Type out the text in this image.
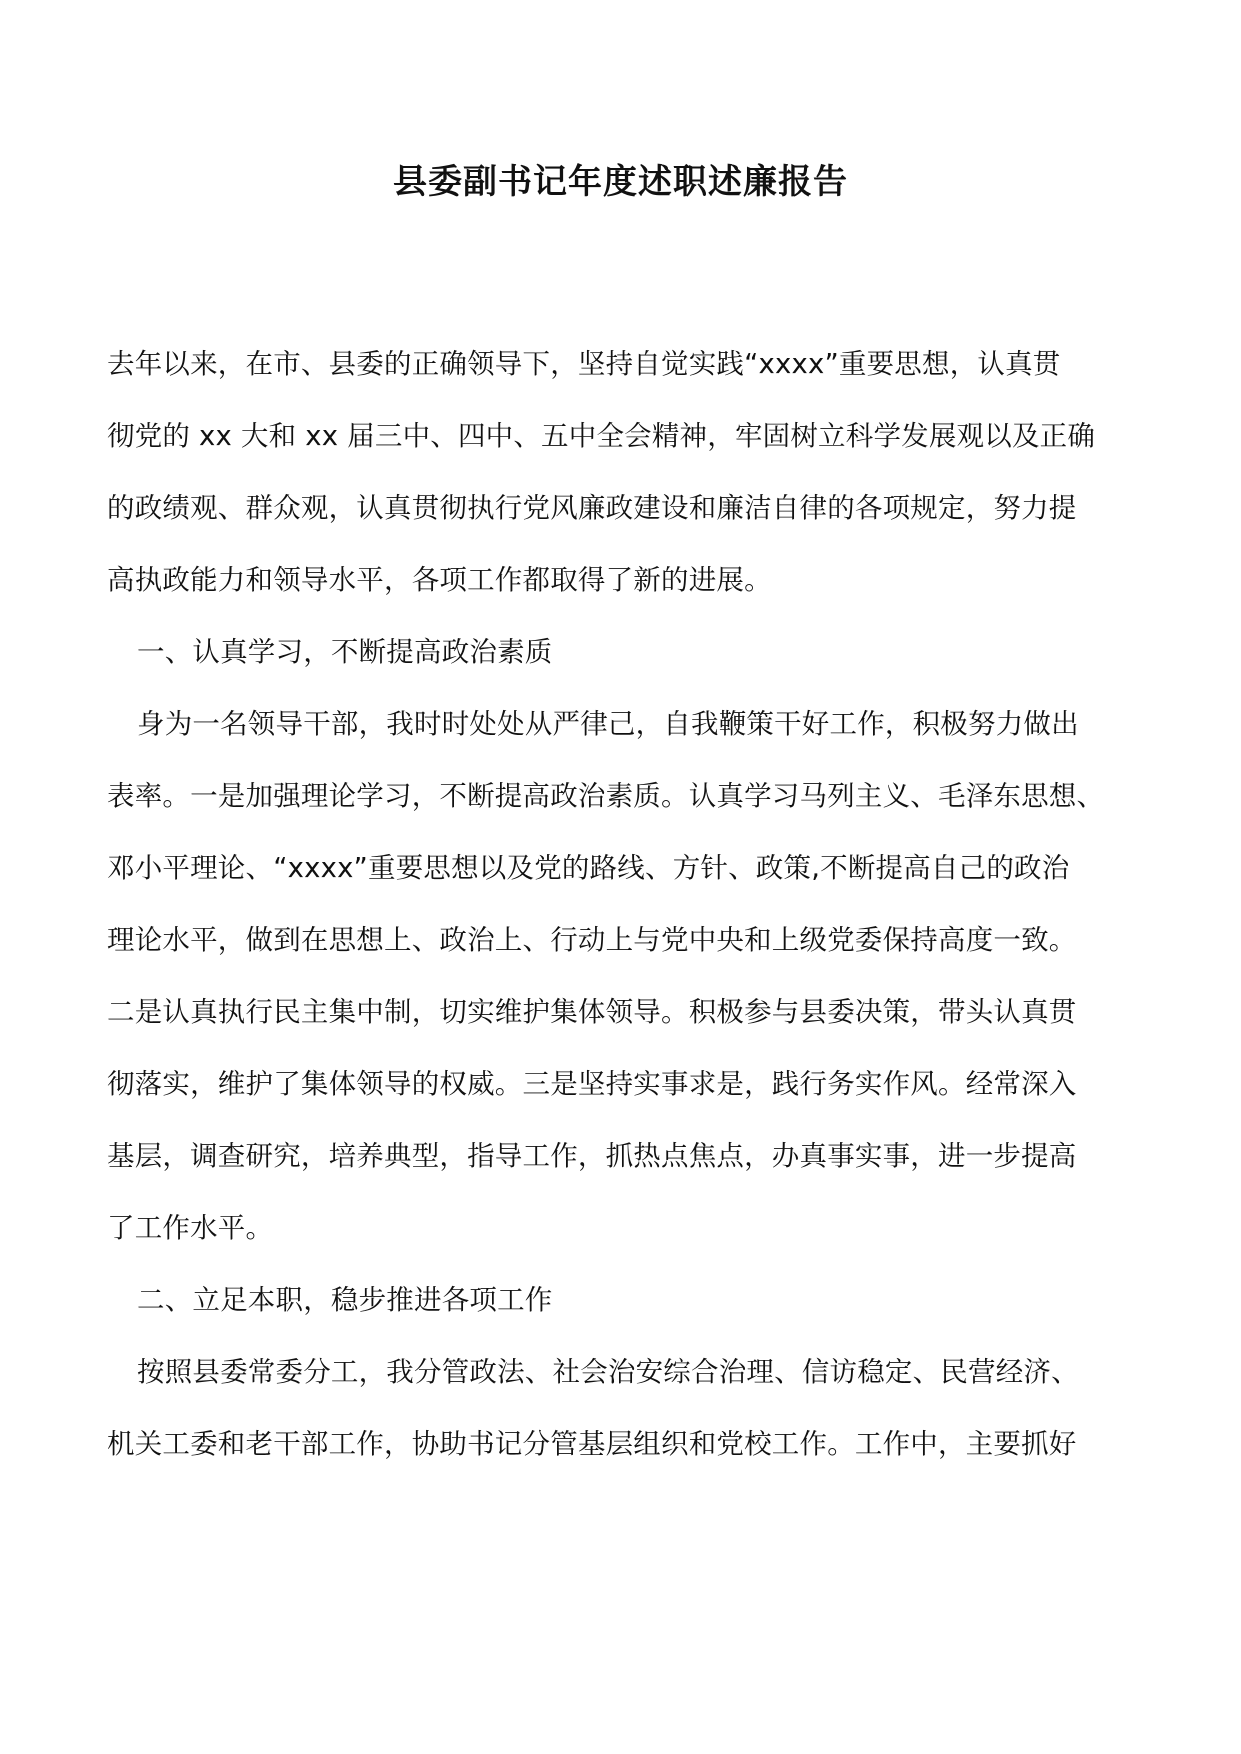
县委副书记年度述职述廉报告
去年以来，在市、县委的正确领导下，坚持自觉实践“xxxx”重要思想，认真贯
彻党的 xx 大和 xx 届三中、四中、五中全会精神，牢固树立科学发展观以及正确
的政绩观、群众观，认真贯彻执行党风廉政建设和廉洁自律的各项规定，努力提
高执政能力和领导水平，各项工作都取得了新的进展。
一、认真学习，不断提高政治素质
身为一名领导干部，我时时处处从严律己，自我鞭策干好工作，积极努力做出
表率。一是加强理论学习，不断提高政治素质。认真学习马列主义、毛泽东思想、
邓小平理论、“xxxx”重要思想以及党的路线、方针、政策,不断提高自己的政治
理论水平，做到在思想上、政治上、行动上与党中央和上级党委保持高度一致。
二是认真执行民主集中制，切实维护集体领导。积极参与县委决策，带头认真贯
彻落实，维护了集体领导的权威。三是坚持实事求是，践行务实作风。经常深入
基层，调查研究，培养典型，指导工作，抓热点焦点，办真事实事，进一步提高
了工作水平。
二、立足本职，稳步推进各项工作
按照县委常委分工，我分管政法、社会治安综合治理、信访稳定、民营经济、
机关工委和老干部工作，协助书记分管基层组织和党校工作。工作中，主要抓好
